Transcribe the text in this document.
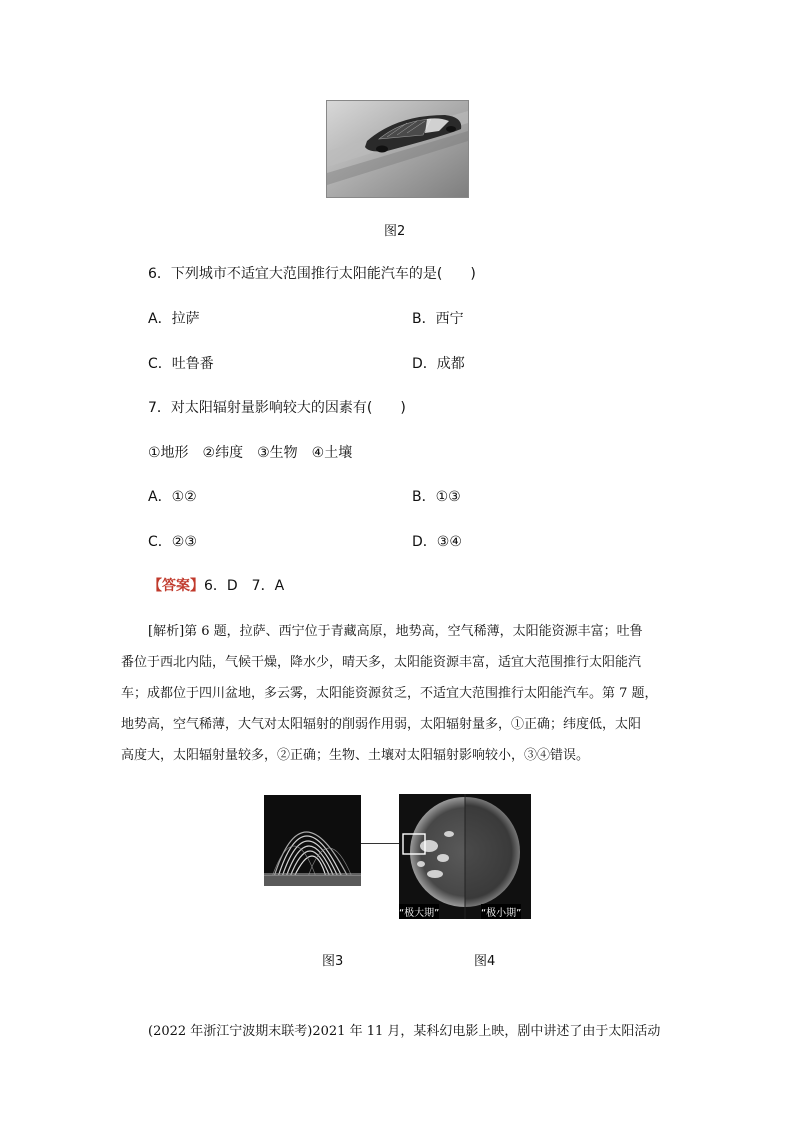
图2
6．下列城市不适宜大范围推行太阳能汽车的是(　　)
A．拉萨	B．西宁
C．吐鲁番	D．成都
7．对太阳辐射量影响较大的因素有(　　)
①地形　②纬度　③生物　④土壤
A．①②	B．①③
C．②③	D．③④
【答案】6．D　7．A
[解析]第 6 题，拉萨、西宁位于青藏高原，地势高，空气稀薄，太阳能资源丰富；吐鲁
番位于西北内陆，气候干燥，降水少，晴天多，太阳能资源丰富，适宜大范围推行太阳能汽
车；成都位于四川盆地，多云雾，太阳能资源贫乏，不适宜大范围推行太阳能汽车。第 7 题，
地势高，空气稀薄，大气对太阳辐射的削弱作用弱，太阳辐射量多，①正确；纬度低，太阳
高度大，太阳辐射量较多，②正确；生物、土壤对太阳辐射影响较小，③④错误。
“极大期”	“极小期”
图3	图4
(2022 年浙江宁波期末联考)2021 年 11 月，某科幻电影上映，剧中讲述了由于太阳活动
